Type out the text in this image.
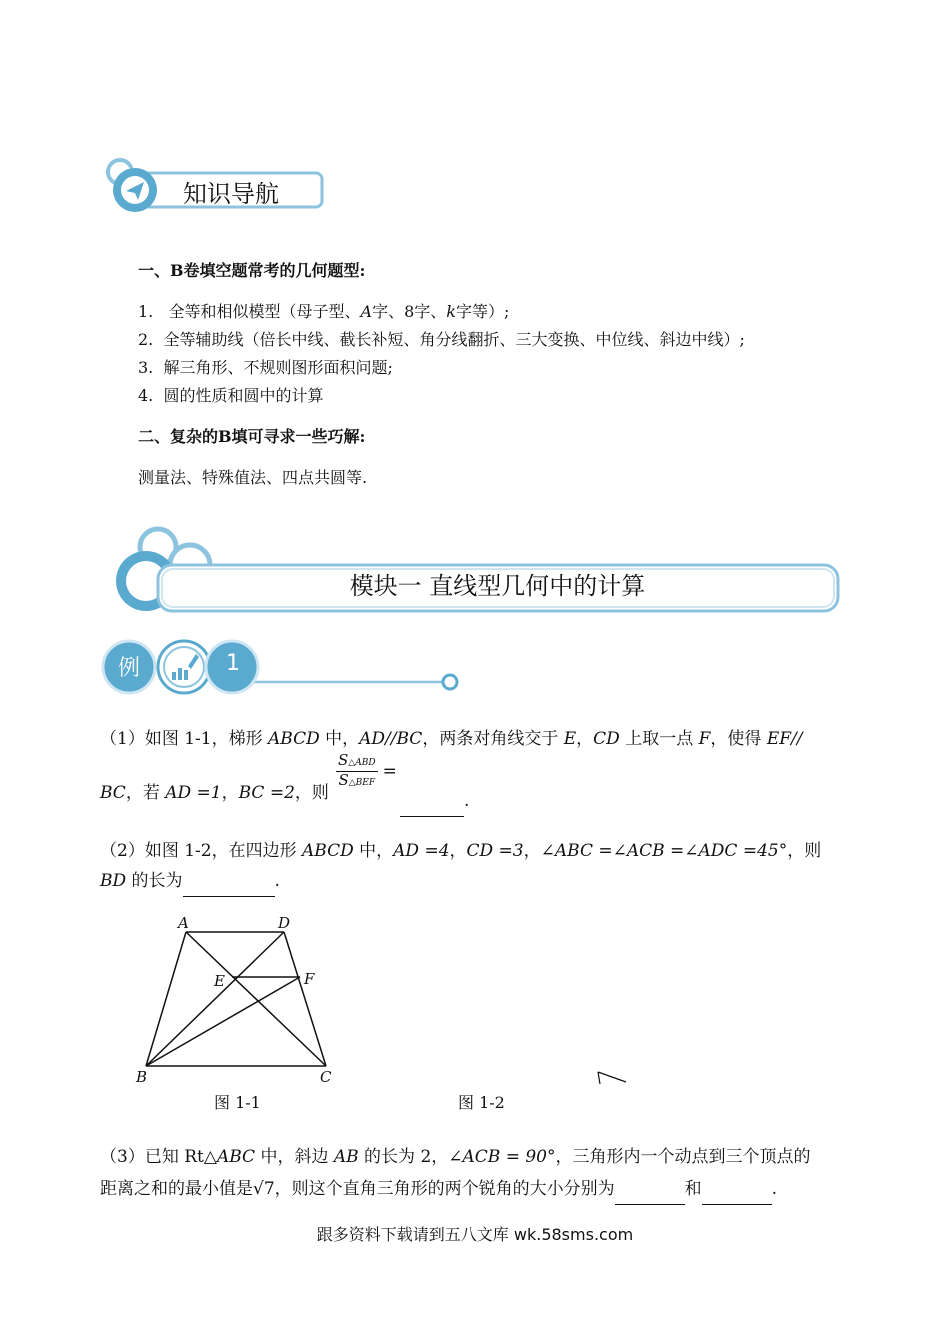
知识导航
一、B卷填空题常考的几何题型:
1. 全等和相似模型（母子型、A字、8字、k字等）;
2. 全等辅助线（倍长中线、截长补短、角分线翻折、三大变换、中位线、斜边中线）;
3. 解三角形、不规则图形面积问题;
4. 圆的性质和圆中的计算
二、复杂的B填可寻求一些巧解:
测量法、特殊值法、四点共圆等.
模块一 直线型几何中的计算
例	1
（1）如图 1-1，梯形 ABCD 中，AD//BC，两条对角线交于 E，CD 上取一点 F，使得 EF//
BC，若 AD =1，BC =2，则
$\frac{\text{S△ABD}}{\text{S△BEF}}$ =
.
（2）如图 1-2，在四边形 ABCD 中，AD =4，CD =3，∠ABC =∠ACB =∠ADC =45°，则
BD 的长为	.
A	D
E	F
B	C
图 1-1	图 1-2
（3）已知 Rt△ABC 中，斜边 AB 的长为 2，∠ACB = 90°，三角形内一个动点到三个顶点的
距离之和的最小值是√7，则这个直角三角形的两个锐角的大小分别为	和	.
跟多资料下载请到五八文库 wk.58sms.com
